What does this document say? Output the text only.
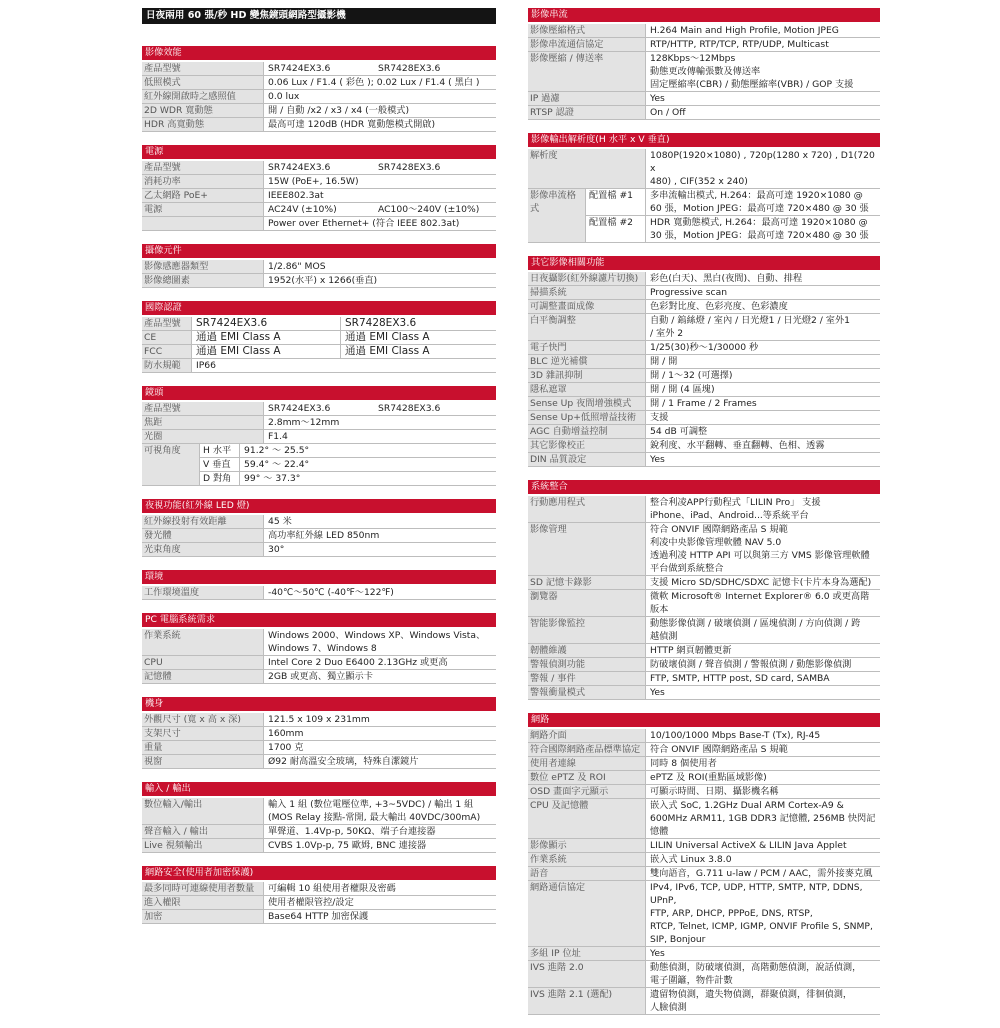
日夜兩用 60 張/秒 HD 變焦鏡頭網路型攝影機
影像效能
產品型號	SR7424EX3.6	SR7428EX3.6
低照模式	0.06 Lux / F1.4 ( 彩色 ); 0.02 Lux / F1.4 ( 黑白 )
紅外線開啟時之感照值	0.0 lux
2D WDR 寬動態	開 / 自動 /x2 / x3 / x4 (一般模式)
HDR 高寬動態	最高可達 120dB (HDR 寬動態模式開啟)
電源
產品型號	SR7424EX3.6	SR7428EX3.6
消耗功率	15W (PoE+, 16.5W)
乙太網路 PoE+	IEEE802.3at
電源	AC24V (±10%)	AC100～240V (±10%)
Power over Ethernet+ (符合 IEEE 802.3at)
攝像元件
影像感應器類型	1/2.86" MOS
影像總圖素	1952(水平) x 1266(垂直)
國際認證
產品型號	SR7424EX3.6	SR7428EX3.6
CE	通過 EMI Class A	通過 EMI Class A
FCC	通過 EMI Class A	通過 EMI Class A
防水規範	IP66
鏡頭
產品型號	SR7424EX3.6	SR7428EX3.6
焦距	2.8mm～12mm
光圈	F1.4
可視角度	H 水平	91.2° ～ 25.5°
V 垂直	59.4° ～ 22.4°
D 對角	99° ～ 37.3°
夜視功能(紅外線 LED 燈)
紅外線投射有效距離	45 米
發光體	高功率紅外線 LED 850nm
光束角度	30°
環境
工作環境溫度	-40℃～50℃ (-40℉～122℉)
PC 電腦系統需求
作業系統	Windows 2000、Windows XP、Windows Vista、
Windows 7、Windows 8
CPU	Intel Core 2 Duo E6400 2.13GHz 或更高
記憶體	2GB 或更高、獨立顯示卡
機身
外觀尺寸 (寬 x 高 x 深)	121.5 x 109 x 231mm
支架尺寸	160mm
重量	1700 克
視窗	Ø92 耐高溫安全玻璃，特殊自潔鏡片
輸入 / 輸出
數位輸入/輸出	輸入 1 組 (數位電壓位準, +3~5VDC) / 輸出 1 組
(MOS Relay 接點-常開, 最大輸出 40VDC/300mA)
聲音輸入 / 輸出	單聲道、1.4Vp-p, 50KΩ、端子台連接器
Live 視頻輸出	CVBS 1.0Vp-p, 75 歐姆, BNC 連接器
網路安全(使用者加密保護)
最多同時可連線使用者數量	可編輯 10 組使用者權限及密碼
進入權限	使用者權限管控/設定
加密	Base64 HTTP 加密保護
影像串流
影像壓縮格式	H.264 Main and High Profile, Motion JPEG
影像串流通信協定	RTP/HTTP, RTP/TCP, RTP/UDP, Multicast
影像壓縮 / 傳送率	128Kbps～12Mbps
動態更改傳輸張數及傳送率
固定壓縮率(CBR) / 動態壓縮率(VBR) / GOP 支援
IP 過濾	Yes
RTSP 認證	On / Off
影像輸出解析度(H 水平 x V 垂直)
解析度	1080P(1920×1080) , 720p(1280 x 720) , D1(720 x
480) , CIF(352 x 240)
影像串流格式
配置檔 #1	多串流輸出模式, H.264：最高可達 1920×1080 @
60 張，Motion JPEG：最高可達 720×480 @ 30 張
配置檔 #2	HDR 寬動態模式, H.264：最高可達 1920×1080 @
30 張，Motion JPEG：最高可達 720×480 @ 30 張
其它影像相關功能
日夜攝影(紅外線濾片切換)	彩色(白天)、黑白(夜間)、自動、排程
掃描系統	Progressive scan
可調整畫面成像	色彩對比度、色彩亮度、色彩濃度
白平衡調整	自動 / 鎢絲燈 / 室內 / 日光燈1 / 日光燈2 / 室外1
/ 室外 2
電子快門	1/25(30)秒～1/30000 秒
BLC 逆光補償	開 / 開
3D 雜訊抑制	開 / 1～32 (可選擇)
隱私遮罩	開 / 開 (4 區塊)
Sense Up 夜間增強模式	開 / 1 Frame / 2 Frames
Sense Up+低照增益技術	支援
AGC 自動增益控制	54 dB 可調整
其它影像校正	銳利度、水平翻轉、垂直翻轉、色相、透霧
DIN 品質設定	Yes
系統整合
行動應用程式	整合利凌APP行動程式「LILIN Pro」 支援
iPhone、iPad、Android...等系統平台
影像管理	符合 ONVIF 國際網路產品 S 規範
利凌中央影像管理軟體 NAV 5.0
透過利凌 HTTP API 可以與第三方 VMS 影像管理軟體
平台做到系統整合
SD 記憶卡錄影	支援 Micro SD/SDHC/SDXC 記憶卡(卡片本身為選配)
瀏覽器	微軟 Microsoft® Internet Explorer® 6.0 或更高階
版本
智能影像監控	動態影像偵測 / 破壞偵測 / 區塊偵測 / 方向偵測 / 跨
越偵測
韌體維護	HTTP 網頁韌體更新
警報偵測功能	防破壞偵測 / 聲音偵測 / 警報偵測 / 動態影像偵測
警報 / 事件	FTP, SMTP, HTTP post, SD card, SAMBA
警報衝量模式	Yes
網路
網路介面	10/100/1000 Mbps Base-T (Tx), RJ-45
符合國際網路產品標準協定	符合 ONVIF 國際網路產品 S 規範
使用者連線	同時 8 個使用者
數位 ePTZ 及 ROI	ePTZ 及 ROI(重點區域影像)
OSD 畫面字元顯示	可顯示時間、日期、攝影機名稱
CPU 及記憶體	嵌入式 SoC, 1.2GHz Dual ARM Cortex-A9 &
600MHz ARM11, 1GB DDR3 記憶體, 256MB 快閃記
憶體
影像顯示	LILIN Universal ActiveX & LILIN Java Applet
作業系統	嵌入式 Linux 3.8.0
語音	雙向語音，G.711 u-law / PCM / AAC，需外接麥克風
網路通信協定	IPv4, IPv6, TCP, UDP, HTTP, SMTP, NTP, DDNS, UPnP,
FTP, ARP, DHCP, PPPoE, DNS, RTSP,
RTCP, Telnet, ICMP, IGMP, ONVIF Profile S, SNMP,
SIP, Bonjour
多組 IP 位址	Yes
IVS 進階 2.0	動態偵測，防破壞偵測，高階動態偵測，說話偵測，
電子圍籬，物件計數
IVS 進階 2.1 (選配)	遺留物偵測，遺失物偵測，群聚偵測，徘徊偵測，
人臉偵測
